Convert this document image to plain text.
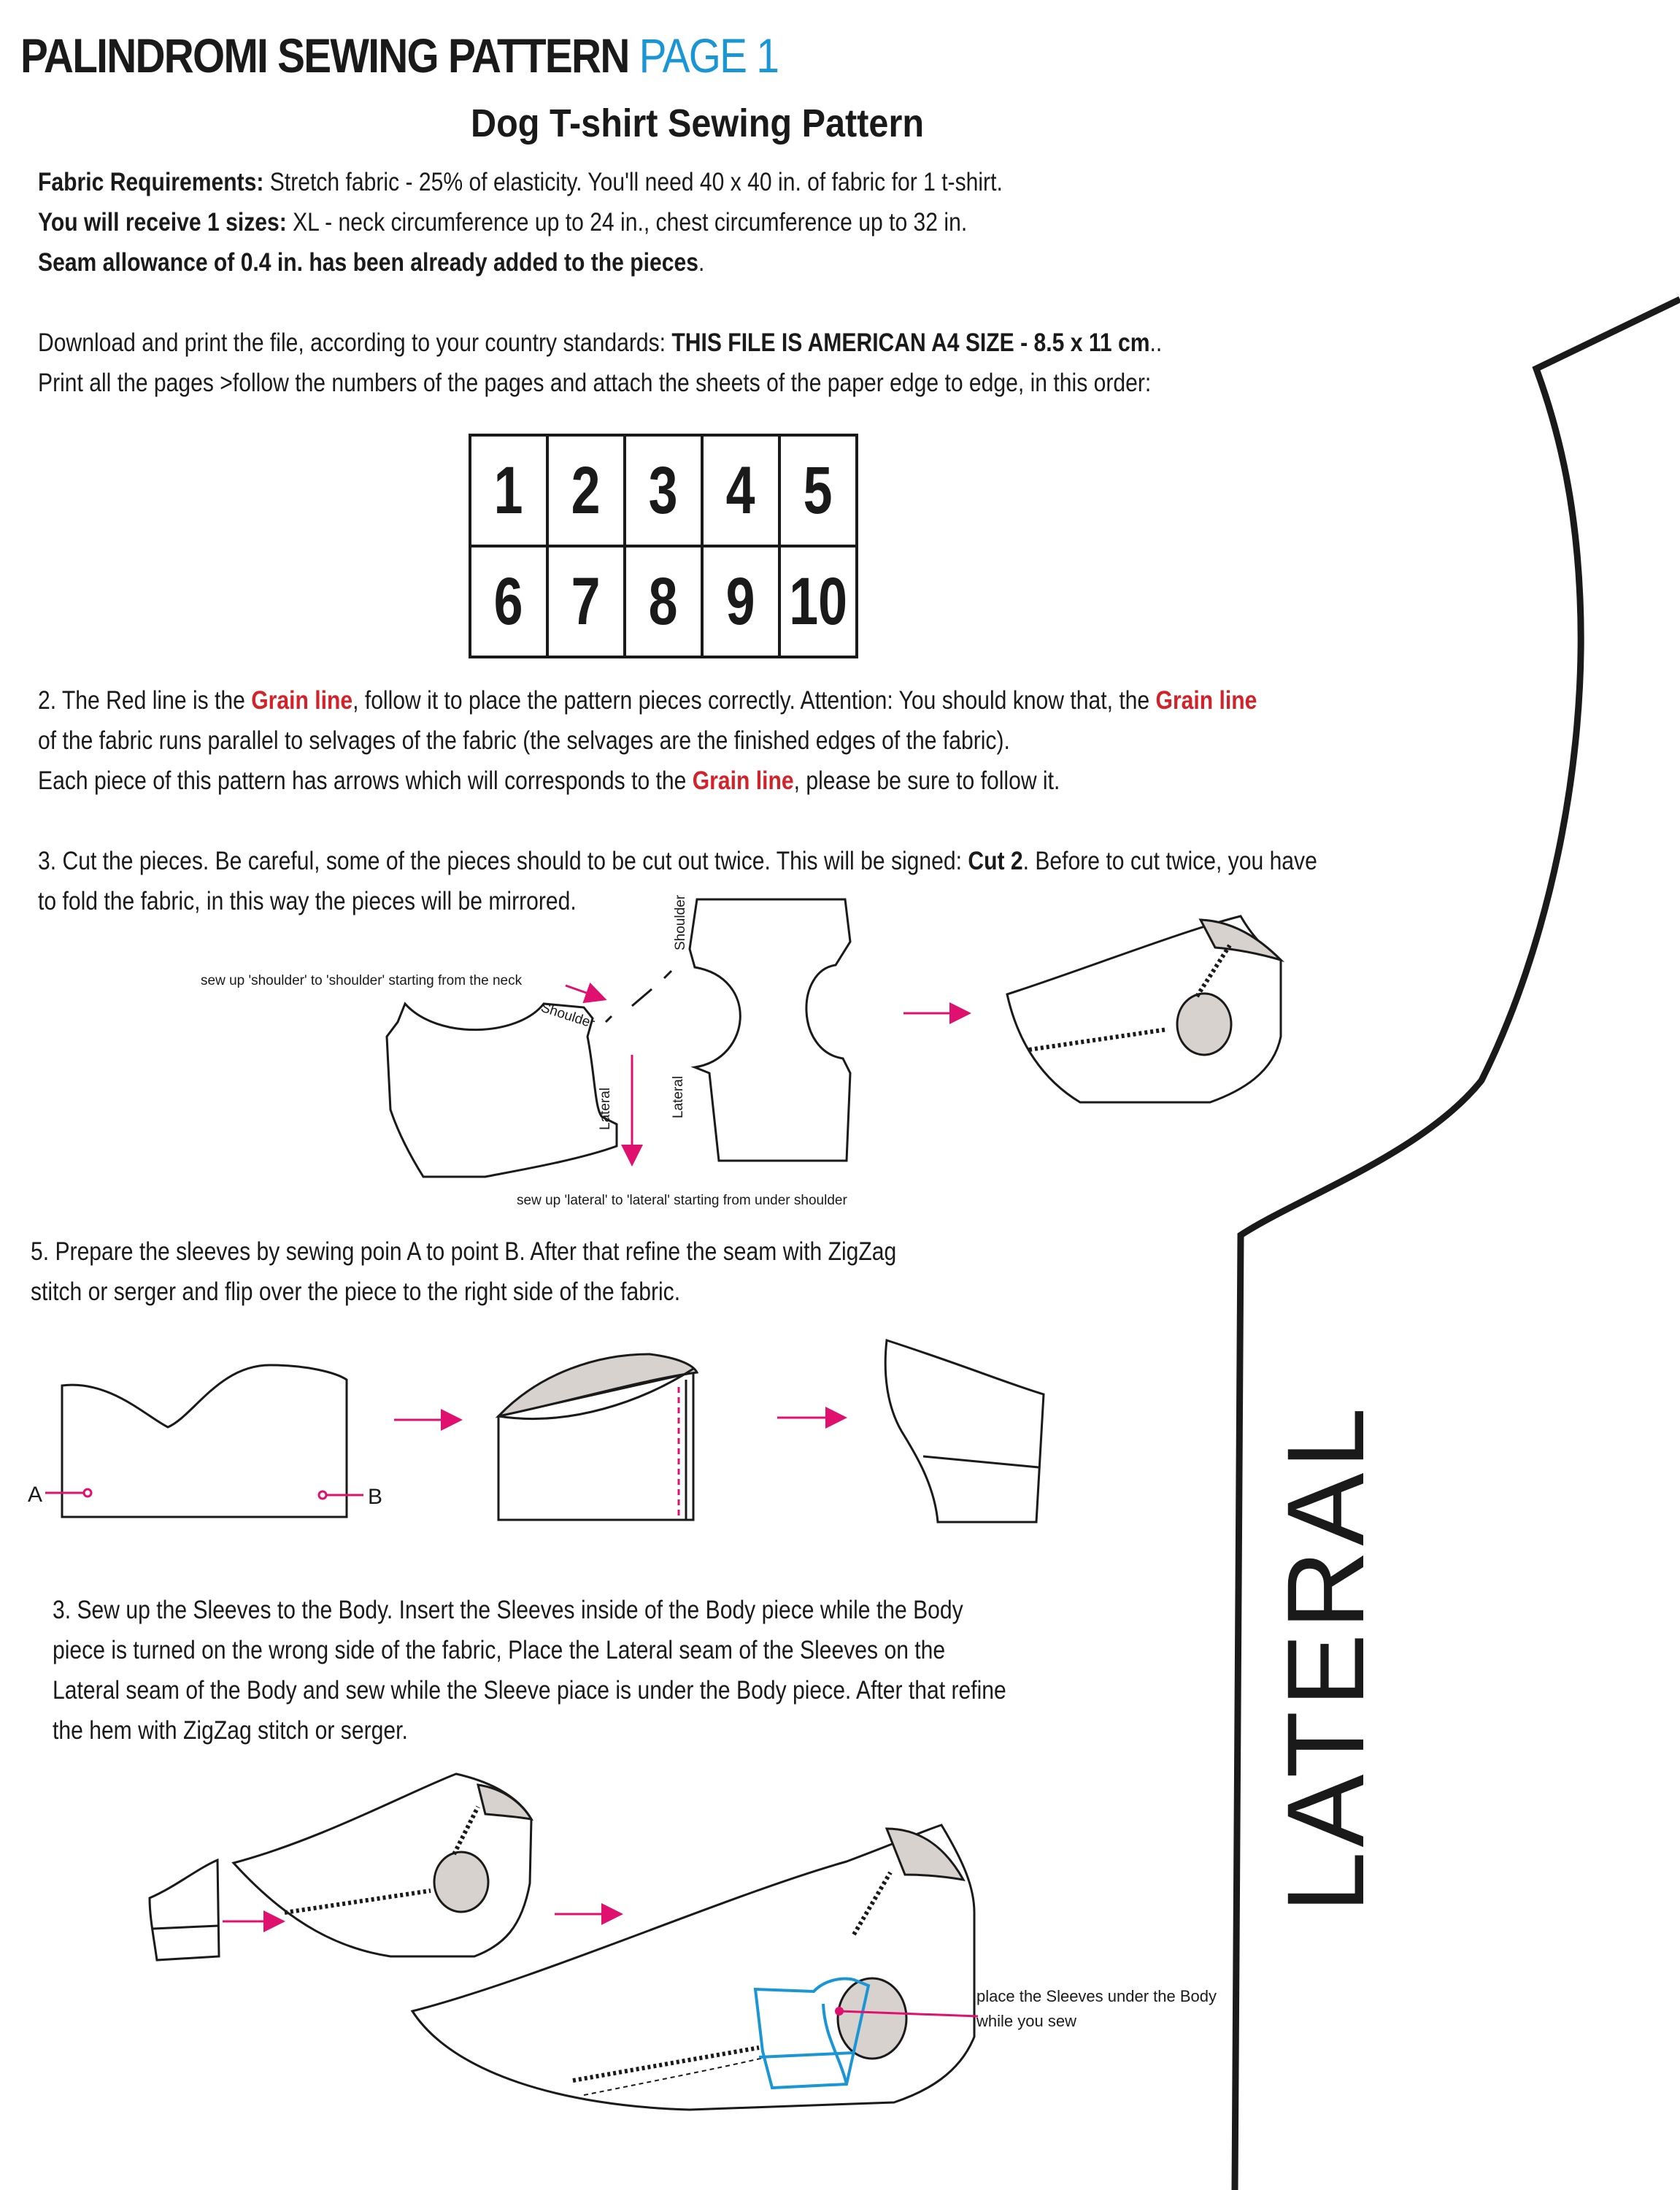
PALINDROMI SEWING PATTERN PAGE 1
Dog T-shirt Sewing Pattern

Fabric Requirements: Stretch fabric - 25% of elasticity. You'll need 40 x 40 in. of fabric for 1 t-shirt.

You will receive 1 sizes: XL - neck circumference up to 24 in., chest circumference up to 32 in.

Seam allowance of 0.4 in. has been already added to the pieces.

Download and print the file, according to your country standards: THIS FILE IS AMERICAN A4 SIZE - 8.5 x 11 cm..

Print all the pages >follow the numbers of the pages and attach the sheets of the paper edge to edge, in this order:

1	2	3	4	5
6	7	8	9	10

2. The Red line is the Grain line, follow it to place the pattern pieces correctly. Attention: You should know that, the Grain line

of the fabric runs parallel to selvages of the fabric (the selvages are the finished edges of the fabric).

Each piece of this pattern has arrows which will corresponds to the Grain line, please be sure to follow it.

3. Cut the pieces. Be careful, some of the pieces should to be cut out twice. This will be signed: Cut 2. Before to cut twice, you have

to fold the fabric, in this way the pieces will be mirrored.

5. Prepare the sleeves by sewing poin A to point B. After that refine the seam with ZigZag

stitch or serger and flip over the piece to the right side of the fabric.

3. Sew up the Sleeves to the Body. Insert the Sleeves inside of the Body piece while the Body

piece is turned on the wrong side of the fabric, Place the Lateral seam of the Sleeves on the

Lateral seam of the Body and sew while the Sleeve piace is under the Body piece. After that refine

the hem with ZigZag stitch or serger.	LATERAL
sew up 'shoulder' to 'shoulder' starting from the neck
Shoulder
Shoulder
Lateral	Lateral
sew up 'lateral' to 'lateral' starting from under shoulder
A	B
place the Sleeves under the Body
while you sew
